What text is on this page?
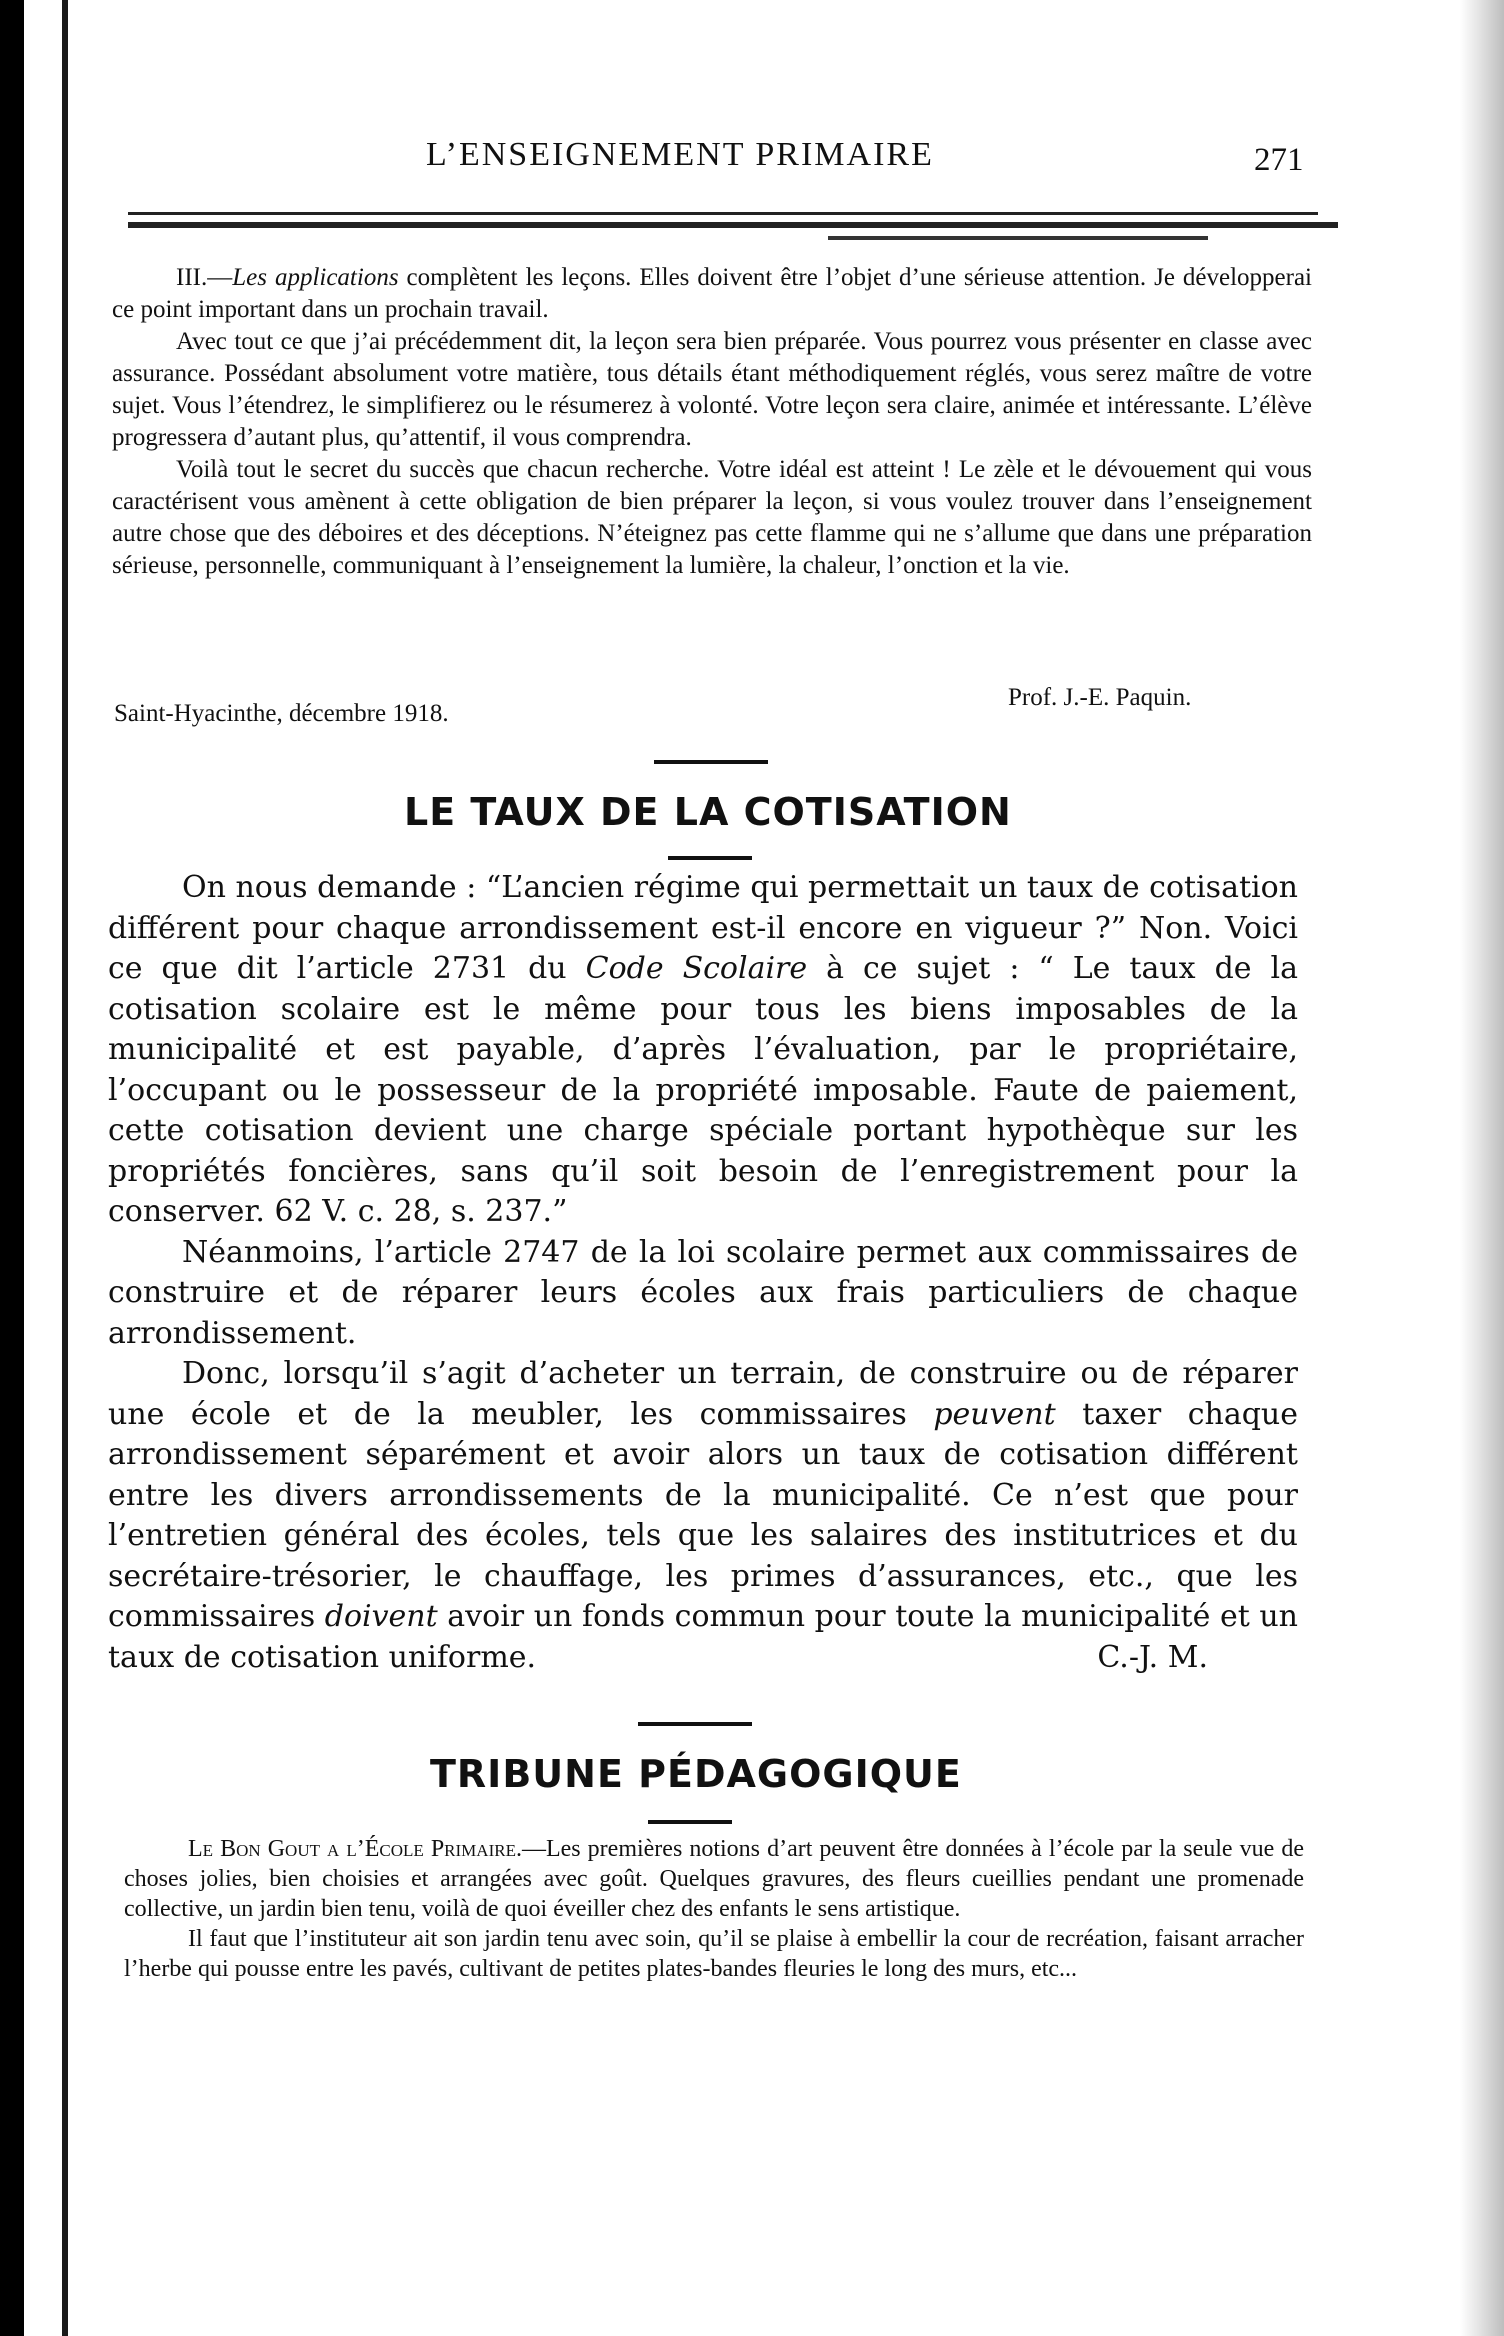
L’ENSEIGNEMENT PRIMAIRE	271

III.—Les applications complètent les leçons. Elles doivent être l’objet d’une sérieuse attention. Je développerai ce point important dans un prochain travail.

Avec tout ce que j’ai précédemment dit, la leçon sera bien préparée. Vous pourrez vous présenter en classe avec assurance. Possédant absolument votre matière, tous détails étant méthodiquement réglés, vous serez maître de votre sujet. Vous l’étendrez, le simplifierez ou le résumerez à volonté. Votre leçon sera claire, animée et intéressante. L’élève progressera d’autant plus, qu’attentif, il vous comprendra.

Voilà tout le secret du succès que chacun recherche. Votre idéal est atteint ! Le zèle et le dévouement qui vous caractérisent vous amènent à cette obligation de bien préparer la leçon, si vous voulez trouver dans l’enseignement autre chose que des déboires et des déceptions. N’éteignez pas cette flamme qui ne s’allume que dans une préparation sérieuse, personnelle, communiquant à l’enseignement la lumière, la chaleur, l’onction et la vie.

Prof. J.-E. Paquin.
Saint-Hyacinthe, décembre 1918.
LE TAUX DE LA COTISATION

On nous demande : “L’ancien régime qui permettait un taux de cotisation différent pour chaque arrondissement est-il encore en vigueur ?” Non. Voici ce que dit l’article 2731 du Code Scolaire à ce sujet : “ Le taux de la cotisation scolaire est le même pour tous les biens imposables de la municipalité et est payable, d’après l’évaluation, par le propriétaire, l’occupant ou le possesseur de la propriété imposable. Faute de paiement, cette cotisation devient une charge spéciale portant hypothèque sur les propriétés foncières, sans qu’il soit besoin de l’enregistrement pour la conserver. 62 V. c. 28, s. 237.”

Néanmoins, l’article 2747 de la loi scolaire permet aux commissaires de construire et de réparer leurs écoles aux frais particuliers de chaque arrondissement.

Donc, lorsqu’il s’agit d’acheter un terrain, de construire ou de réparer une école et de la meubler, les commissaires peuvent taxer chaque arrondissement séparément et avoir alors un taux de cotisation différent entre les divers arrondissements de la municipalité. Ce n’est que pour l’entretien général des écoles, tels que les salaires des institutrices et du secrétaire-trésorier, le chauffage, les primes d’assurances, etc., que les commissaires doivent avoir un fonds commun pour toute la municipalité et un taux de cotisation uniforme.	C.-J. M.

TRIBUNE PÉDAGOGIQUE

Le Bon Gout a l’École Primaire.—Les premières notions d’art peuvent être données à l’école par la seule vue de choses jolies, bien choisies et arrangées avec goût. Quelques gravures, des fleurs cueillies pendant une promenade collective, un jardin bien tenu, voilà de quoi éveiller chez des enfants le sens artistique.

Il faut que l’instituteur ait son jardin tenu avec soin, qu’il se plaise à embellir la cour de recréation, faisant arracher l’herbe qui pousse entre les pavés, cultivant de petites plates-bandes fleuries le long des murs, etc...
